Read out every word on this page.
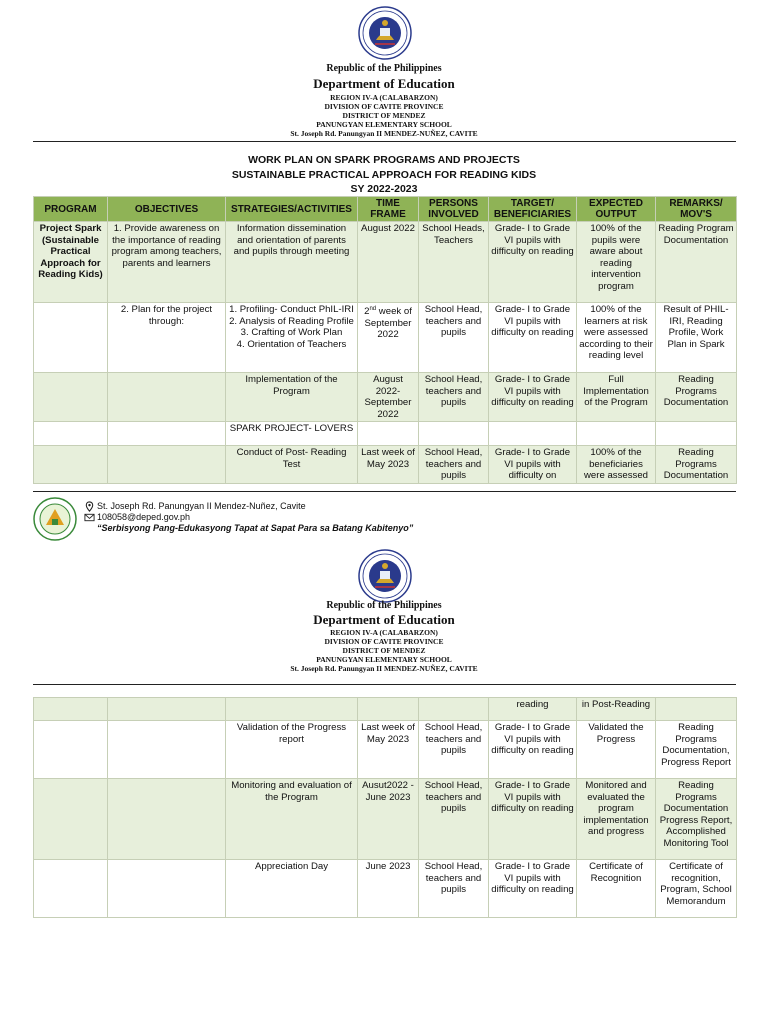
Republic of the Philippines
Department of Education
REGION IV-A (CALABARZON)
DIVISION OF CAVITE PROVINCE
DISTRICT OF MENDEZ
PANUNGYAN ELEMENTARY SCHOOL
St. Joseph Rd. Panungyan II MENDEZ-NUÑEZ, CAVITE
WORK PLAN ON SPARK PROGRAMS AND PROJECTS
SUSTAINABLE PRACTICAL APPROACH FOR READING KIDS
SY 2022-2023
PROGRAM	OBJECTIVES	STRATEGIES/ACTIVITIES	TIME FRAME	PERSONS INVOLVED	TARGET/ BENEFICIARIES	EXPECTED OUTPUT	REMARKS/ MOV'S
Project Spark (Sustainable Practical Approach for Reading Kids)	1. Provide awareness on the importance of reading program among teachers, parents and learners	Information dissemination and orientation of parents and pupils through meeting	August 2022	School Heads, Teachers	Grade- I to Grade VI pupils with difficulty on reading	100% of the pupils were aware about reading intervention program	Reading Program Documentation
	2. Plan for the project through:	1. Profiling- Conduct PhIL-IRI
2. Analysis of Reading Profile
3. Crafting of Work Plan
4. Orientation of Teachers	2nd week of September 2022	School Head, teachers and pupils	Grade- I to Grade VI pupils with difficulty on reading	100% of the learners at risk were assessed according to their reading level	Result of PHIL-IRI, Reading Profile, Work Plan in Spark
		Implementation of the Program	August 2022- September 2022	School Head, teachers and pupils	Grade- I to Grade VI pupils with difficulty on reading	Full Implementation of the Program	Reading Programs Documentation
		SPARK PROJECT- LOVERS					
		Conduct of Post- Reading Test	Last week of May 2023	School Head, teachers and pupils	Grade- I to Grade VI pupils with difficulty on	100% of the beneficiaries were assessed	Reading Programs Documentation
St. Joseph Rd. Panungyan II Mendez-Nuñez, Cavite
108058@deped.gov.ph
“Serbisyong Pang-Edukasyong Tapat at Sapat Para sa Batang Kabitenyo”
Republic of the Philippines
Department of Education
REGION IV-A (CALABARZON)
DIVISION OF CAVITE PROVINCE
DISTRICT OF MENDEZ
PANUNGYAN ELEMENTARY SCHOOL
St. Joseph Rd. Panungyan II MENDEZ-NUÑEZ, CAVITE
					reading	in Post-Reading	
		Validation of the Progress report	Last week of May 2023	School Head, teachers and pupils	Grade- I to Grade VI pupils with difficulty on reading	Validated the Progress	Reading Programs Documentation, Progress Report
		Monitoring and evaluation of the Program	Ausut2022 - June 2023	School Head, teachers and pupils	Grade- I to Grade VI pupils with difficulty on reading	Monitored and evaluated the program implementation and progress	Reading Programs Documentation Progress Report, Accomplished Monitoring Tool
		Appreciation Day	June 2023	School Head, teachers and pupils	Grade- I to Grade VI pupils with difficulty on reading	Certificate of Recognition	Certificate of recognition, Program, School Memorandum
